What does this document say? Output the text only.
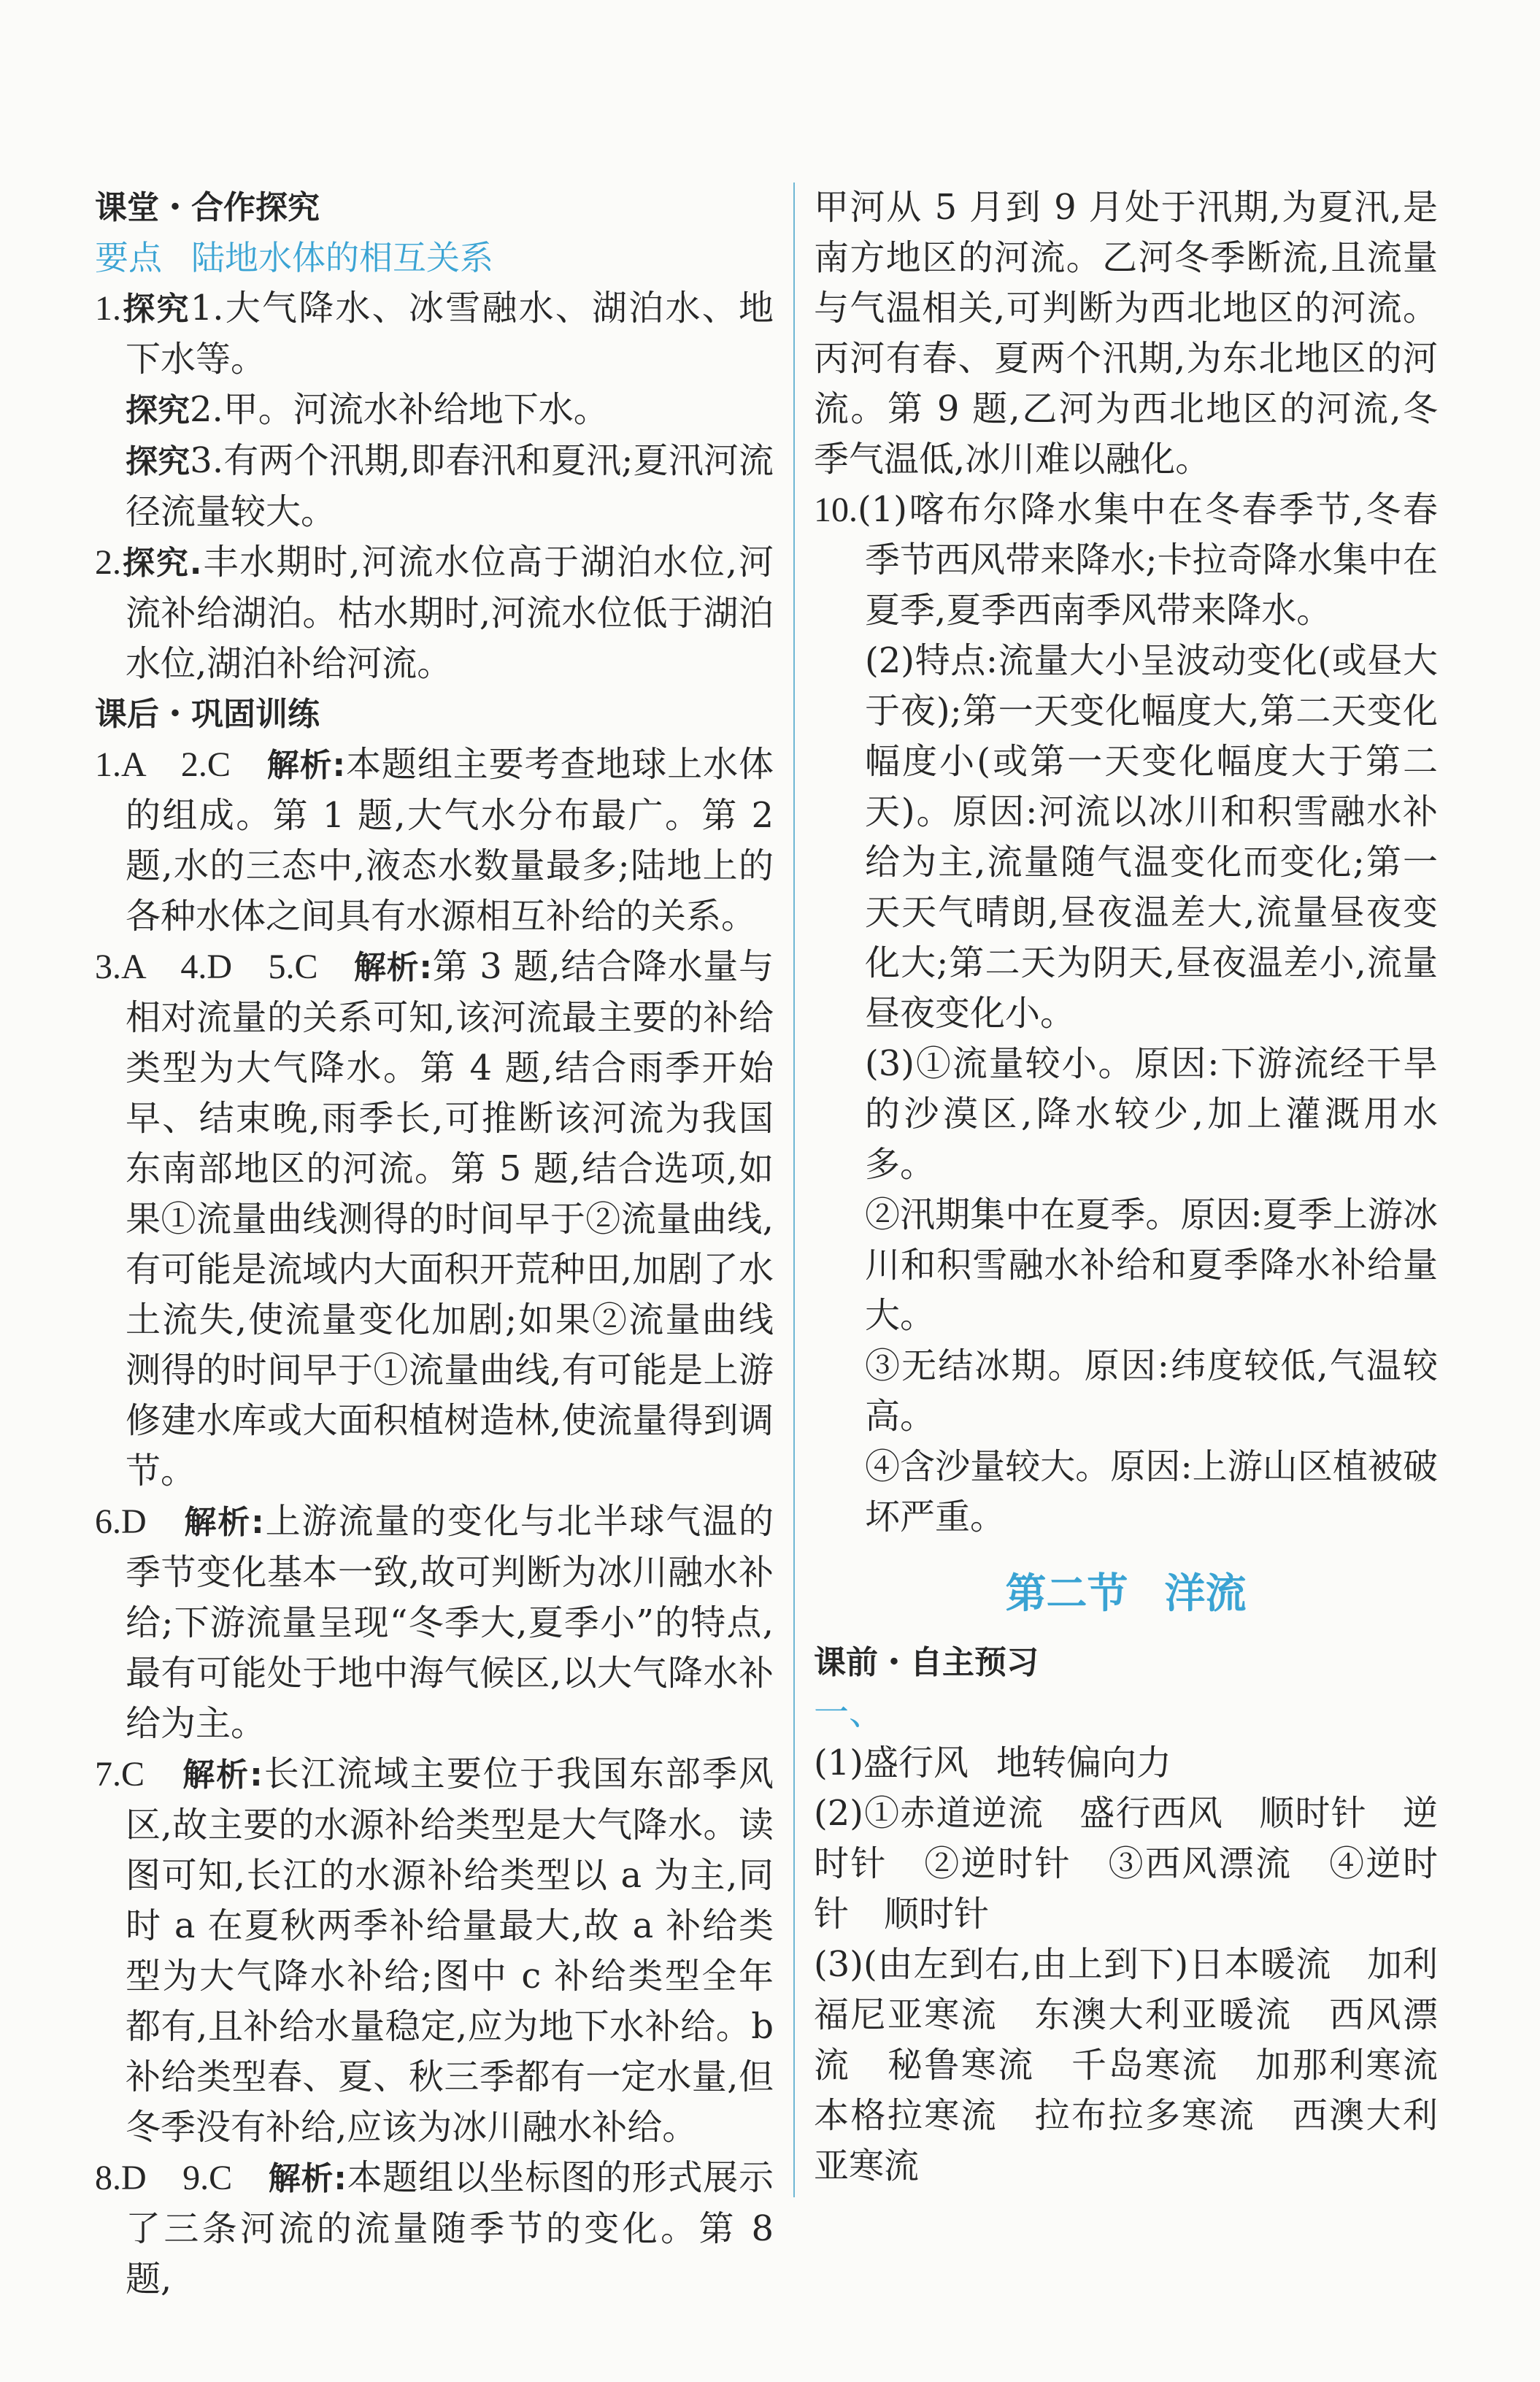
课堂・合作探究

要点 陆地水体的相互关系

1.探究1.大气降水、冰雪融水、湖泊水、地下水等。

探究2.甲。河流水补给地下水。

探究3.有两个汛期,即春汛和夏汛;夏汛河流径流量较大。

2.探究.丰水期时,河流水位高于湖泊水位,河流补给湖泊。枯水期时,河流水位低于湖泊水位,湖泊补给河流。

课后・巩固训练

1.A　2.C　 解析:本题组主要考查地球上水体的组成。第 1 题,大气水分布最广。第 2 题,水的三态中,液态水数量最多;陆地上的各种水体之间具有水源相互补给的关系。

3.A　4.D　5.C　 解析:第 3 题,结合降水量与相对流量的关系可知,该河流最主要的补给类型为大气降水。第 4 题,结合雨季开始早、结束晚,雨季长,可推断该河流为我国东南部地区的河流。第 5 题,结合选项,如果①流量曲线测得的时间早于②流量曲线,有可能是流域内大面积开荒种田,加剧了水土流失,使流量变化加剧;如果②流量曲线测得的时间早于①流量曲线,有可能是上游修建水库或大面积植树造林,使流量得到调节。

6.D　 解析:上游流量的变化与北半球气温的季节变化基本一致,故可判断为冰川融水补给;下游流量呈现“冬季大,夏季小”的特点,最有可能处于地中海气候区,以大气降水补给为主。

7.C　 解析:长江流域主要位于我国东部季风区,故主要的水源补给类型是大气降水。读图可知,长江的水源补给类型以 a 为主,同时 a 在夏秋两季补给量最大,故 a 补给类型为大气降水补给;图中 c 补给类型全年都有,且补给水量稳定,应为地下水补给。b 补给类型春、夏、秋三季都有一定水量,但冬季没有补给,应该为冰川融水补给。

8.D　9.C　 解析:本题组以坐标图的形式展示了三条河流的流量随季节的变化。第 8 题,

甲河从 5 月到 9 月处于汛期,为夏汛,是南方地区的河流。乙河冬季断流,且流量与气温相关,可判断为西北地区的河流。丙河有春、夏两个汛期,为东北地区的河流。第 9 题,乙河为西北地区的河流,冬季气温低,冰川难以融化。

10.(1)喀布尔降水集中在冬春季节,冬春季节西风带来降水;卡拉奇降水集中在夏季,夏季西南季风带来降水。

(2)特点:流量大小呈波动变化(或昼大于夜);第一天变化幅度大,第二天变化幅度小(或第一天变化幅度大于第二天)。原因:河流以冰川和积雪融水补给为主,流量随气温变化而变化;第一天天气晴朗,昼夜温差大,流量昼夜变化大;第二天为阴天,昼夜温差小,流量昼夜变化小。

(3)①流量较小。原因:下游流经干旱的沙漠区,降水较少,加上灌溉用水多。

②汛期集中在夏季。原因:夏季上游冰川和积雪融水补给和夏季降水补给量大。

③无结冰期。原因:纬度较低,气温较高。

④含沙量较大。原因:上游山区植被破坏严重。

第二节 洋流

课前・自主预习

一、

(1)盛行风 地转偏向力

(2)①赤道逆流　盛行西风　顺时针　逆时针　②逆时针　③西风漂流　④逆时针　顺时针

(3)(由左到右,由上到下)日本暖流　加利福尼亚寒流　东澳大利亚暖流　西风漂流　秘鲁寒流　千岛寒流　加那利寒流　本格拉寒流　拉布拉多寒流　西澳大利亚寒流
